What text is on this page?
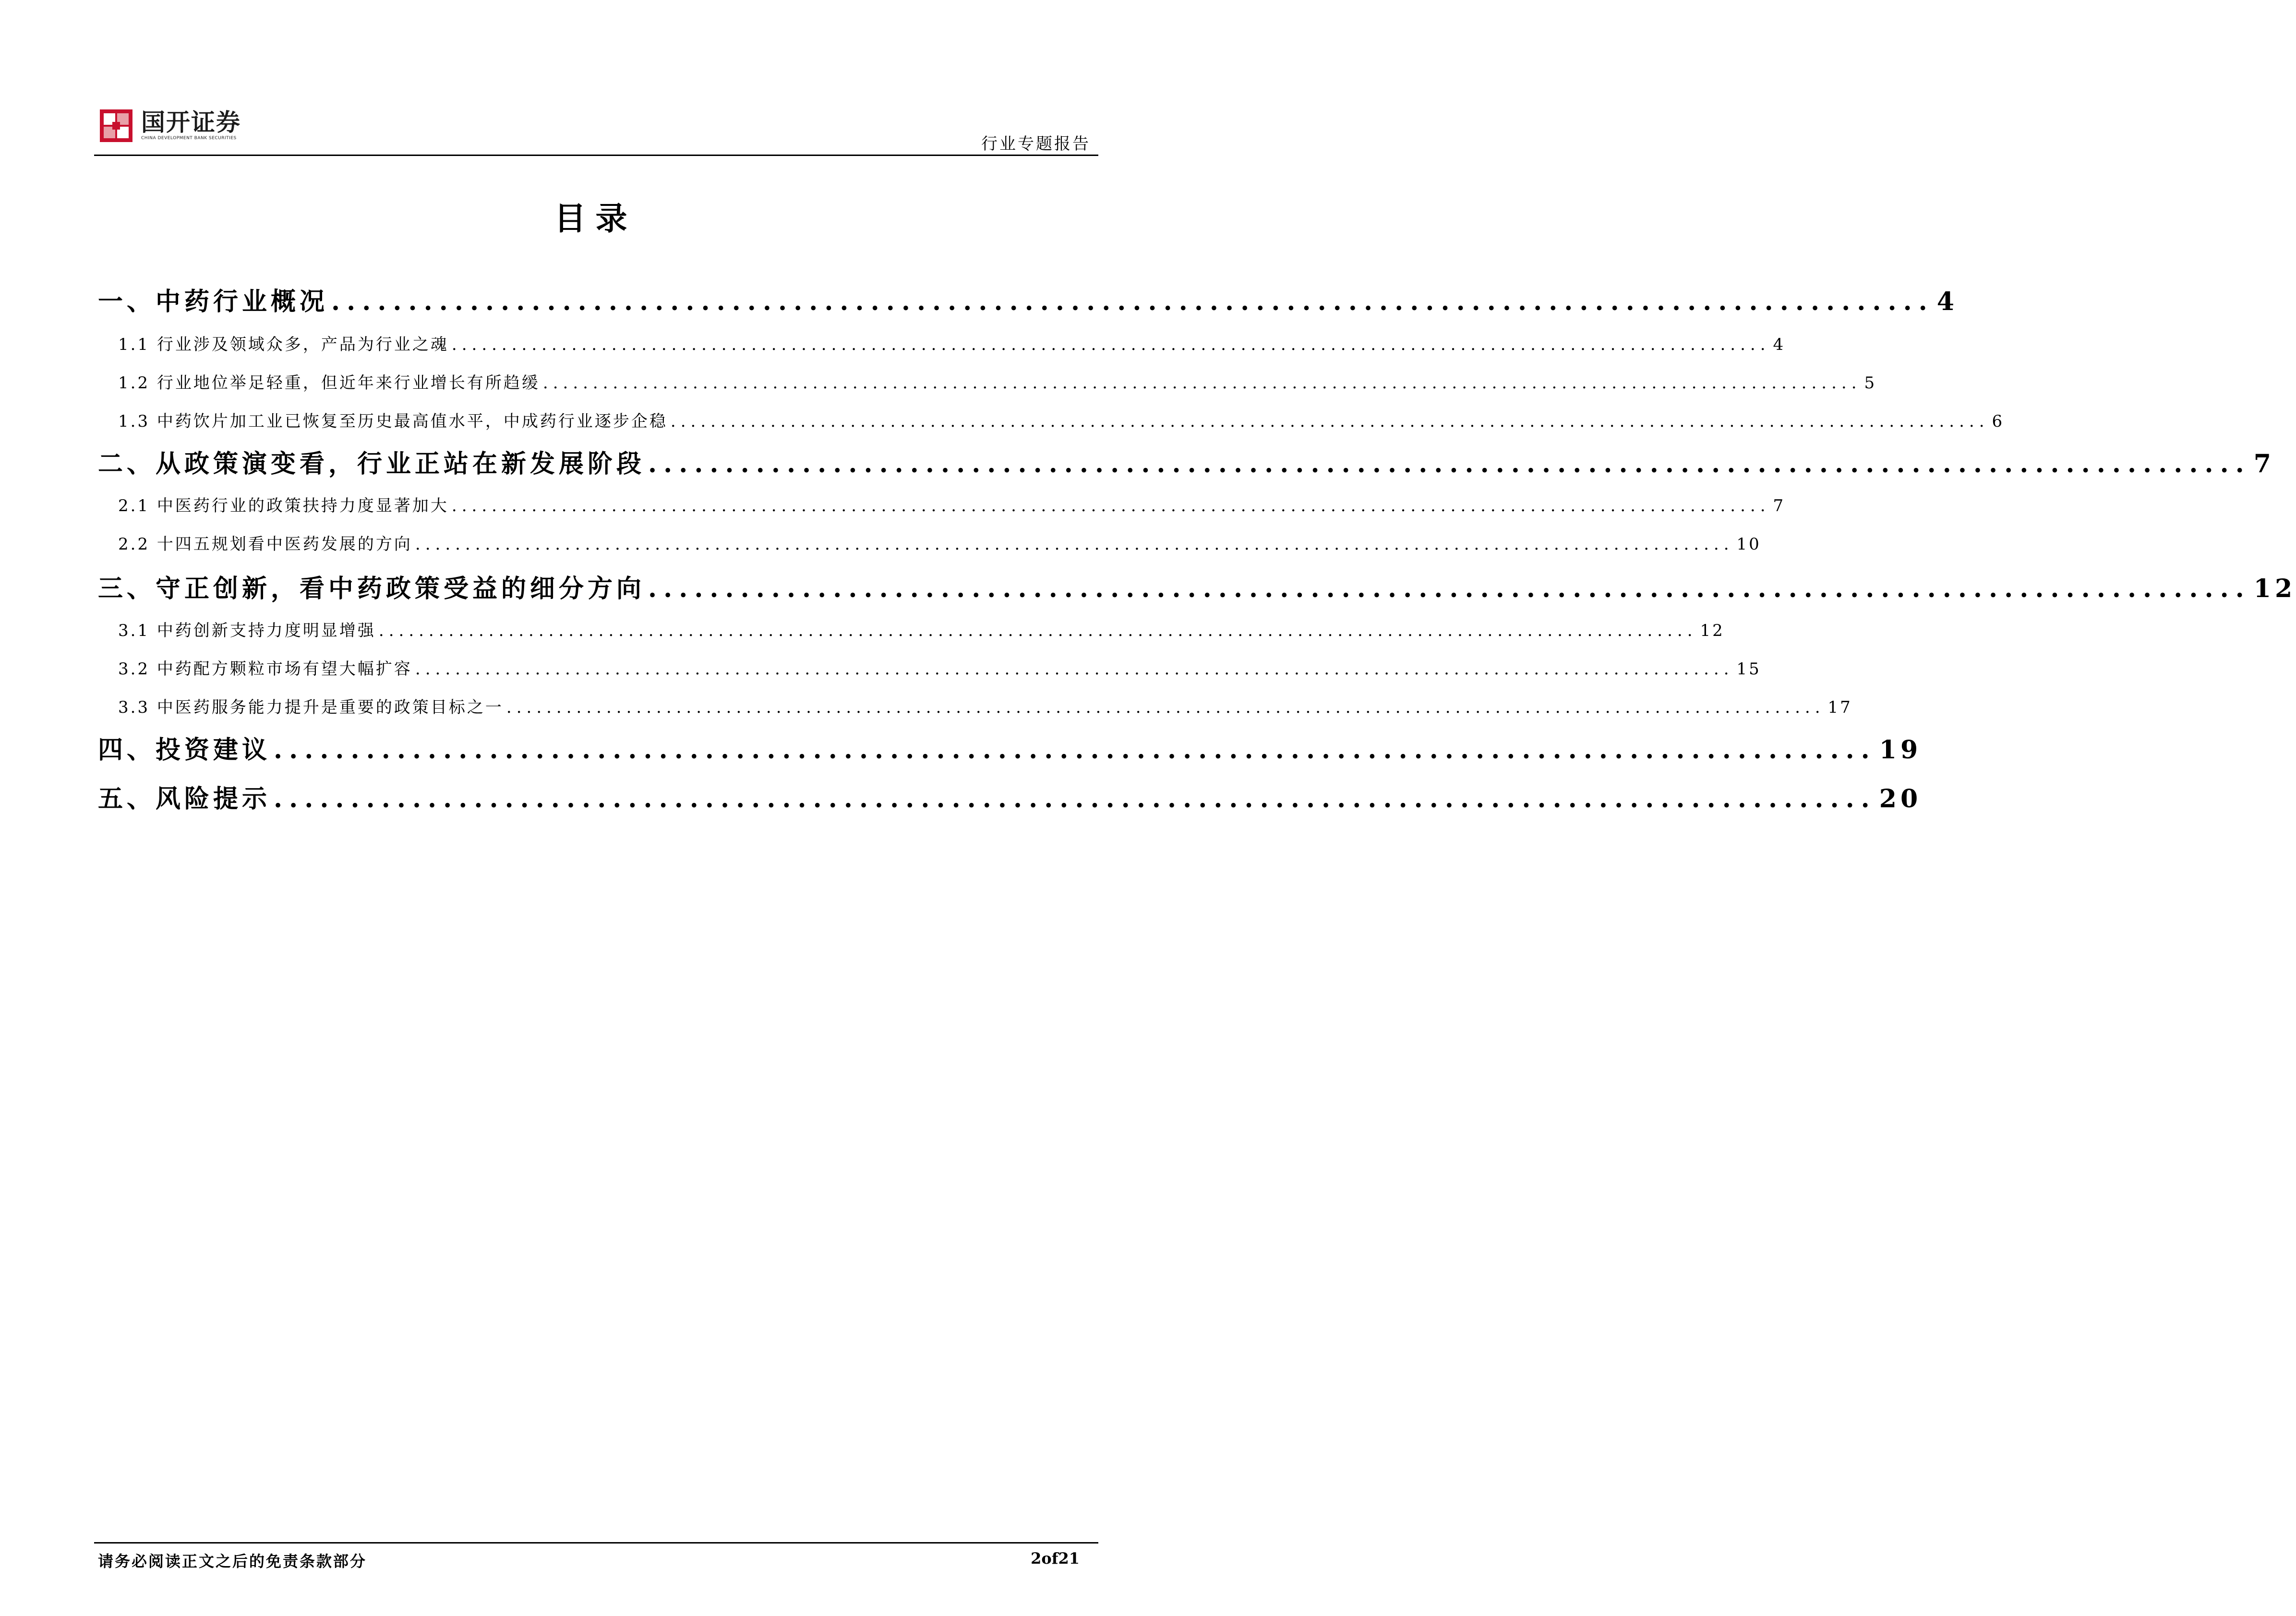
国开证券
CHINA DEVELOPMENT BANK SECURITIES	行业专题报告
目录
一、中药行业概况 ........................................................................................................ 4
1.1 行业涉及领域众多，产品为行业之魂 .................................................................................................................................... 4
1.2 行业地位举足轻重，但近年来行业增长有所趋缓 .................................................................................................................................... 5
1.3 中药饮片加工业已恢复至历史最高值水平，中成药行业逐步企稳 .................................................................................................................................... 6
二、从政策演变看，行业正站在新发展阶段 ........................................................................................................ 7
2.1 中医药行业的政策扶持力度显著加大 .................................................................................................................................... 7
2.2 十四五规划看中医药发展的方向 .................................................................................................................................... 10
三、守正创新，看中药政策受益的细分方向 ........................................................................................................ 12
3.1 中药创新支持力度明显增强 .................................................................................................................................... 12
3.2 中药配方颗粒市场有望大幅扩容 .................................................................................................................................... 15
3.3 中医药服务能力提升是重要的政策目标之一 .................................................................................................................................... 17
四、投资建议 ........................................................................................................ 19
五、风险提示 ........................................................................................................ 20
请务必阅读正文之后的免责条款部分	2of21
